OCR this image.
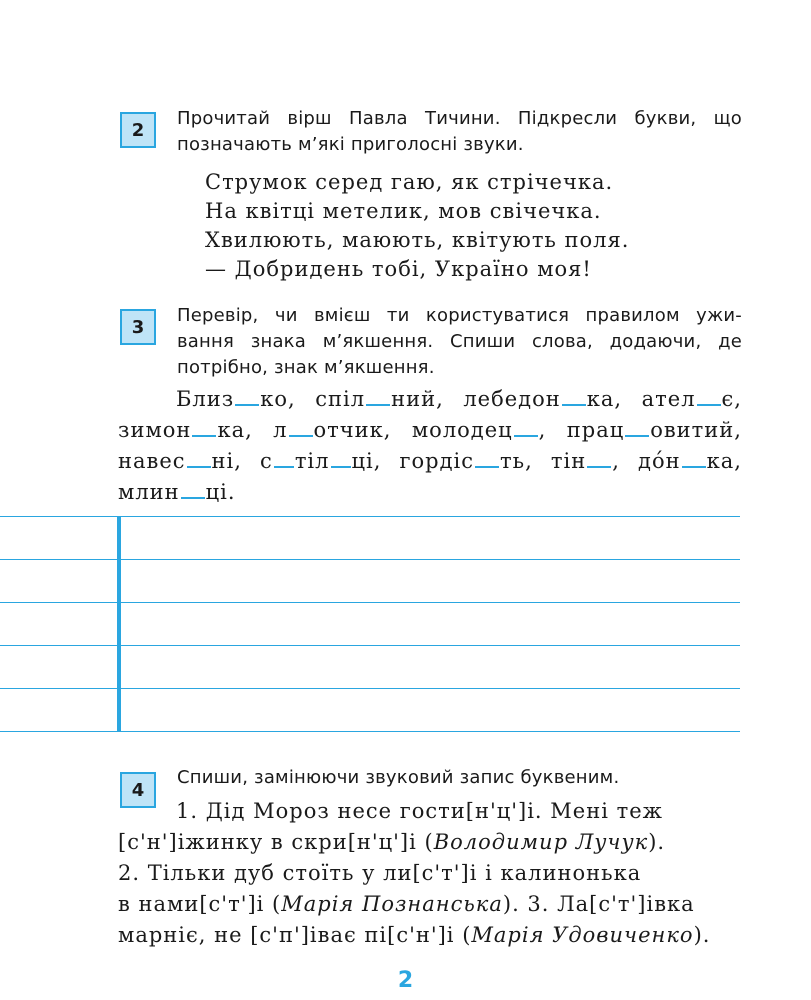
2

Прочитай вірш Павла Тичини. Підкресли букви, що

позначають м’які приголосні звуки.

Струмок серед гаю, як стрічечка.
На квітці метелик, мов свічечка.
Хвилюють, маюють, квітують поля.
— Добридень тобі, Україно моя!
3

Перевір, чи вмієш ти користуватися правилом ужи-

вання знака м’якшення. Спиши слова, додаючи, де

потрібно, знак м’якшення.

Близ ко, спіл ний, лебедон ка, ател є,
зимон ка, л отчик, молодец , прац овитий,
навес ні, с тіл ці, гордіс ть, тін , до́н ка,
млин ці.
4

Спиши, замінюючи звуковий запис буквеним.

1. Дід Мороз несе гости[н'ц']і. Мені теж
[с'н']іжинку в скри[н'ц']і (Володимир Лучук).
2. Тільки дуб стоїть у ли[с'т']і і калинонька
в нами[с'т']і (Марія Познанська). 3. Ла[с'т']івка
марніє, не [с'п']іває пі[с'н']і (Марія Удовиченко).
2
